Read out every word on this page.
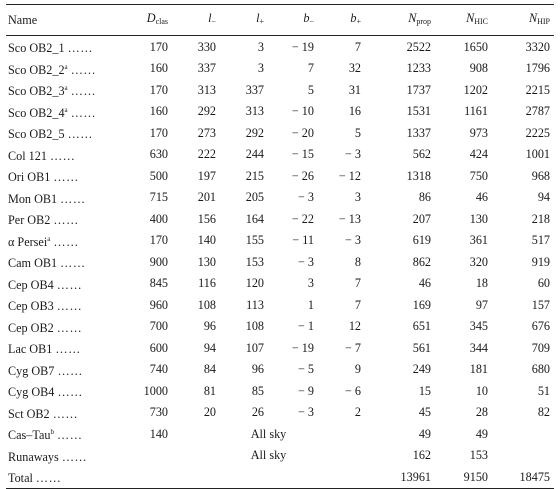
Name	$D_{clas}$	$l_-$	$l_+$	$b_-$	$b_+$	$N_{prop}$	$N_{HIC}$	$N_{HIP}$

Sco OB2_1 ……	170	330	3	− 19	7	2522	1650	3320
Sco OB2_2$^a$ ……	160	337	3	7	32	1233	908	1796
Sco OB2_3$^a$ ……	170	313	337	5	31	1737	1202	2215
Sco OB2_4$^a$ ……	160	292	313	− 10	16	1531	1161	2787
Sco OB2_5 ……	170	273	292	− 20	5	1337	973	2225
Col 121 ……	630	222	244	− 15	− 3	562	424	1001
Ori OB1 ……	500	197	215	− 26	− 12	1318	750	968
Mon OB1 ……	715	201	205	− 3	3	86	46	94
Per OB2 ……	400	156	164	− 22	− 13	207	130	218
α Persei$^a$ ……	170	140	155	− 11	− 3	619	361	517
Cam OB1 ……	900	130	153	− 3	8	862	320	919
Cep OB4 ……	845	116	120	3	7	46	18	60
Cep OB3 ……	960	108	113	1	7	169	97	157
Cep OB2 ……	700	96	108	− 1	12	651	345	676
Lac OB1 ……	600	94	107	− 19	− 7	561	344	709
Cyg OB7 ……	740	84	96	− 5	9	249	181	680
Cyg OB4 ……	1000	81	85	− 9	− 6	15	10	51
Sct OB2 ……	730	20	26	− 3	2	45	28	82
Cas–Tau$^b$ ……	140	All sky				49	49	
Runaways ……		All sky				162	153	
Total ……						13961	9150	18475
